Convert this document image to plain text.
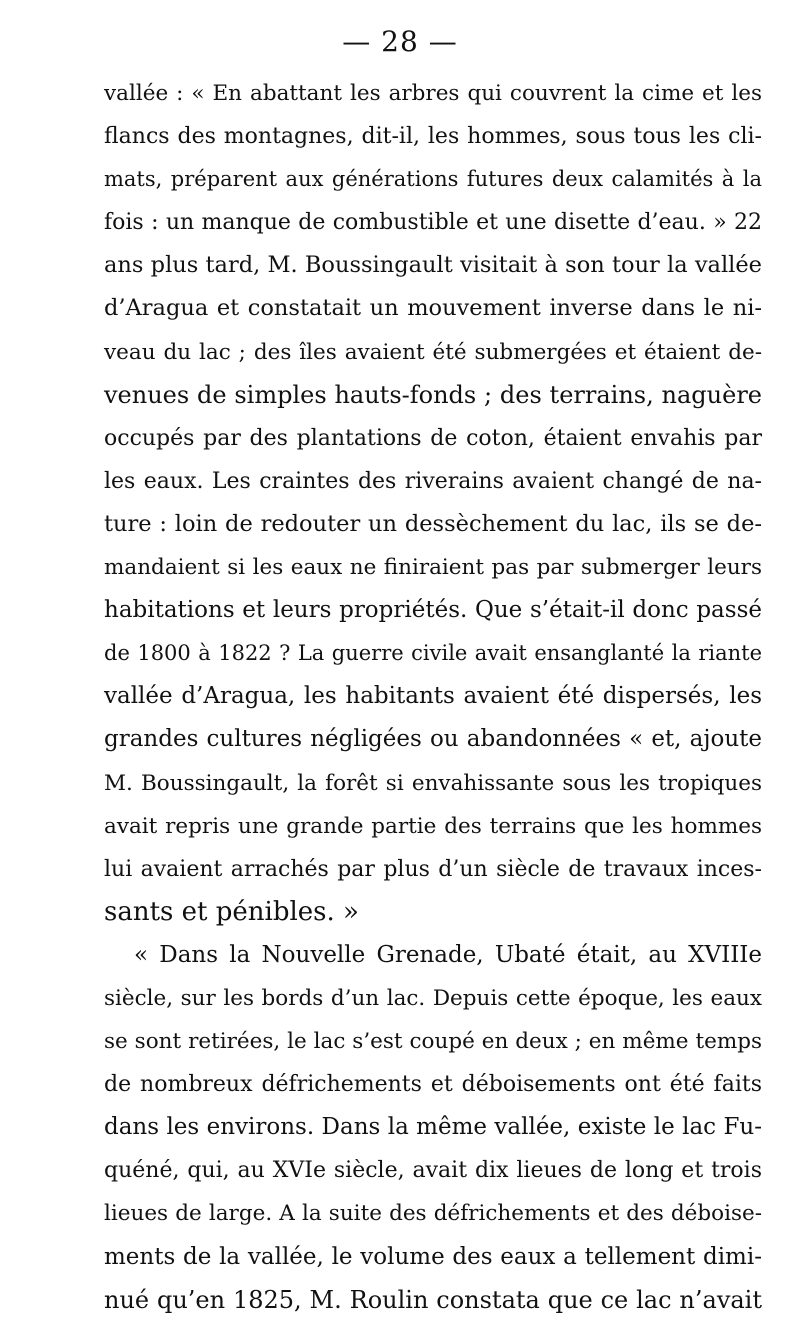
— 28 —
vallée : « En abattant les arbres qui couvrent la cime et les
flancs des montagnes, dit-il, les hommes, sous tous les cli-
mats, préparent aux générations futures deux calamités à la
fois : un manque de combustible et une disette d’eau. » 22
ans plus tard, M. Boussingault visitait à son tour la vallée
d’Aragua et constatait un mouvement inverse dans le ni-
veau du lac ; des îles avaient été submergées et étaient de-
venues de simples hauts-fonds ; des terrains, naguère
occupés par des plantations de coton, étaient envahis par
les eaux. Les craintes des riverains avaient changé de na-
ture : loin de redouter un dessèchement du lac, ils se de-
mandaient si les eaux ne finiraient pas par submerger leurs
habitations et leurs propriétés. Que s’était-il donc passé
de 1800 à 1822 ? La guerre civile avait ensanglanté la riante
vallée d’Aragua, les habitants avaient été dispersés, les
grandes cultures négligées ou abandonnées « et, ajoute
M. Boussingault, la forêt si envahissante sous les tropiques
avait repris une grande partie des terrains que les hommes
lui avaient arrachés par plus d’un siècle de travaux inces-
sants et pénibles. »
« Dans la Nouvelle Grenade, Ubaté était, au XVIIIe
siècle, sur les bords d’un lac. Depuis cette époque, les eaux
se sont retirées, le lac s’est coupé en deux ; en même temps
de nombreux défrichements et déboisements ont été faits
dans les environs. Dans la même vallée, existe le lac Fu-
quéné, qui, au XVIe siècle, avait dix lieues de long et trois
lieues de large. A la suite des défrichements et des déboise-
ments de la vallée, le volume des eaux a tellement dimi-
nué qu’en 1825, M. Roulin constata que ce lac n’avait
